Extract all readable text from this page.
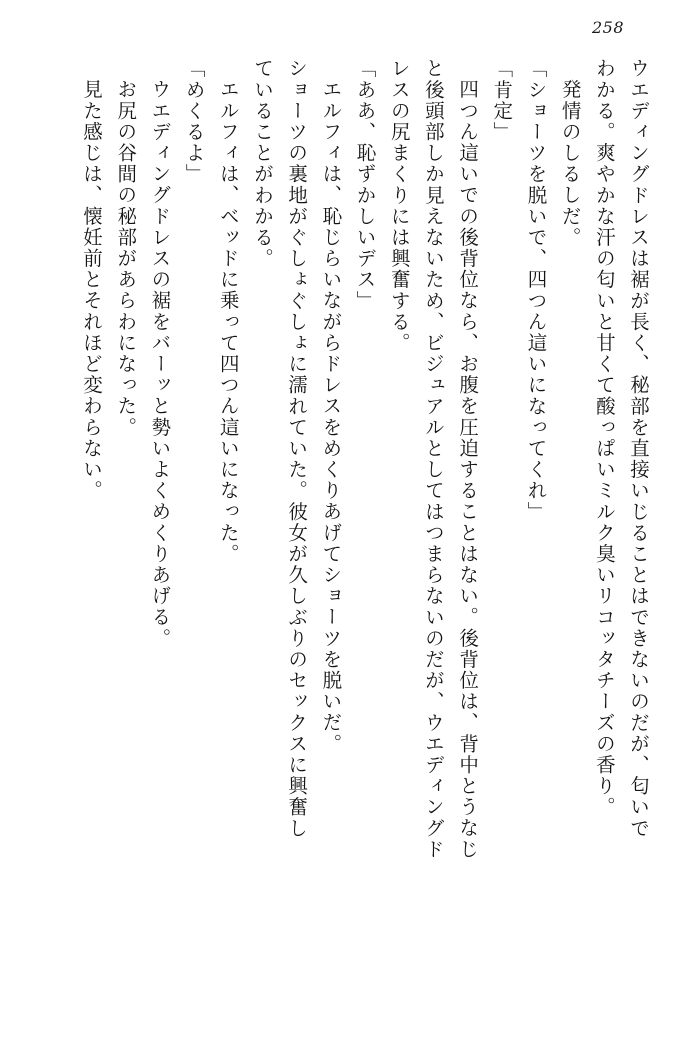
258
ウエディングドレスは裾が長く、秘部を直接いじることはできないのだが、匂いで
わかる。爽やかな汗の匂いと甘くて酸っぱいミルク臭いリコッタチーズの香り。
発情のしるしだ。
「ショーツを脱いで、四つん這いになってくれ」
「肯定」
四つん這いでの後背位なら、お腹を圧迫することはない。後背位は、背中とうなじ
と後頭部しか見えないため、ビジュアルとしてはつまらないのだが、ウエディングド
レスの尻まくりには興奮する。
「ああ、恥ずかしいデス」
エルフィは、恥じらいながらドレスをめくりあげてショーツを脱いだ。
ショーツの裏地がぐしょぐしょに濡れていた。彼女が久しぶりのセックスに興奮し
ていることがわかる。
エルフィは、ベッドに乗って四つん這いになった。
「めくるよ」
ウエディングドレスの裾をバーッと勢いよくめくりあげる。
お尻の谷間の秘部があらわになった。
見た感じは、懐妊前とそれほど変わらない。
